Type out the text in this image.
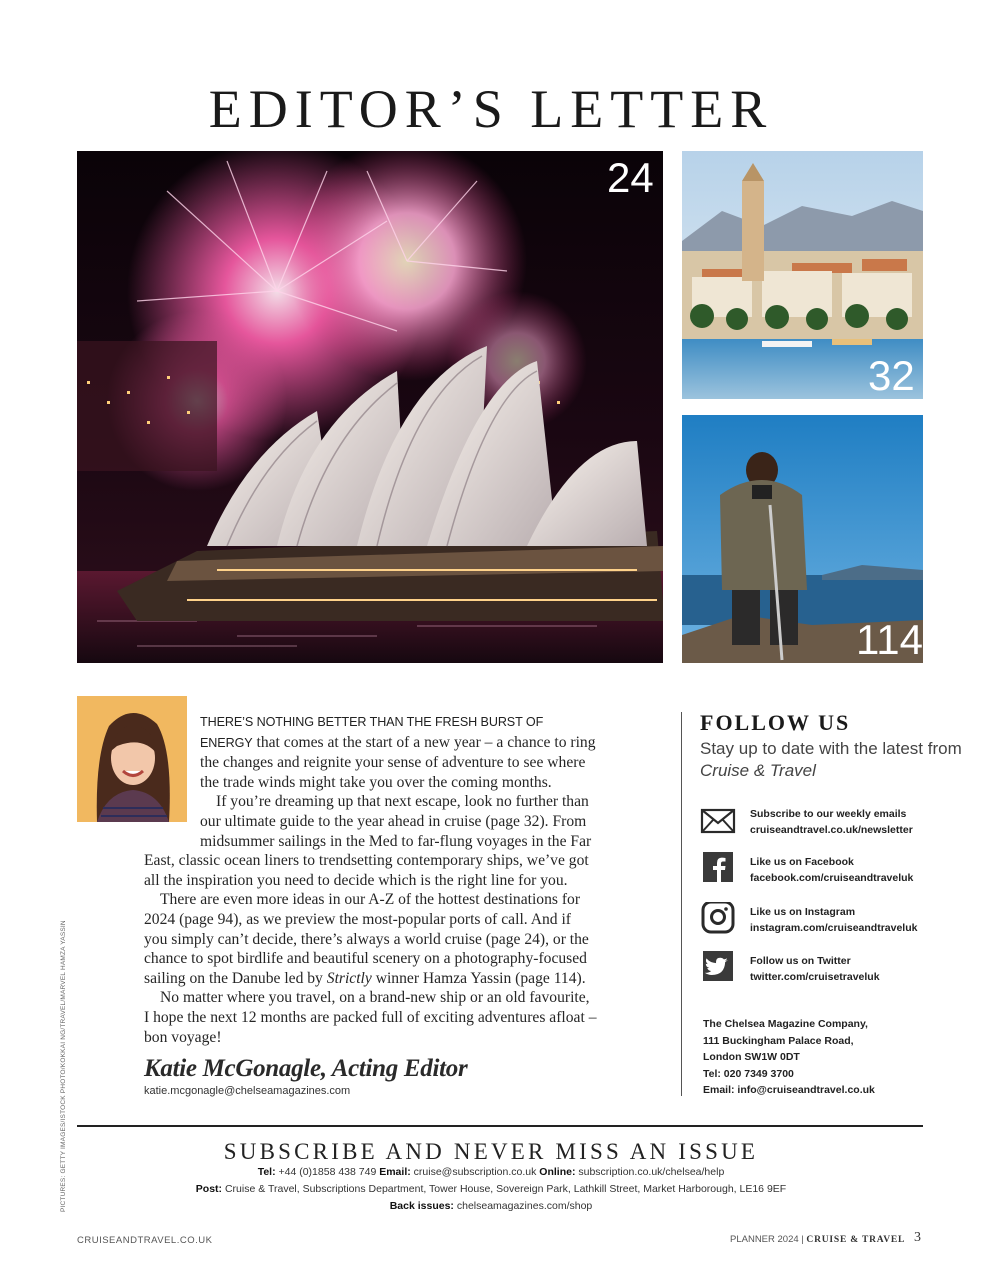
EDITOR’S LETTER
24
32
114

THERE’S NOTHING BETTER THAN THE FRESH BURST OF ENERGY that comes at the start of a new year – a chance to ring the changes and reignite your sense of adventure to see where the trade winds might take you over the coming months.

If you’re dreaming up that next escape, look no further than our ultimate guide to the year ahead in cruise (page 32). From midsummer sailings in the Med to far-flung voyages in the Far East, classic ocean liners to trendsetting contemporary ships, we’ve got all the inspiration you need to decide which is the right line for you.

There are even more ideas in our A-Z of the hottest destinations for 2024 (page 94), as we preview the most-popular ports of call. And if you simply can’t decide, there’s always a world cruise (page 24), or the chance to spot birdlife and beautiful scenery on a photography-focused sailing on the Danube led by Strictly winner Hamza Yassin (page 114).

No matter where you travel, on a brand-new ship or an old favourite, I hope the next 12 months are packed full of exciting adventures afloat – bon voyage!

Katie McGonagle, Acting Editor
katie.mcgonagle@chelseamagazines.com
FOLLOW US
Stay up to date with the latest from Cruise & Travel
Subscribe to our weekly emails
cruiseandtravel.co.uk/newsletter
Like us on Facebook
facebook.com/cruiseandtraveluk
Like us on Instagram
instagram.com/cruiseandtraveluk
Follow us on Twitter
twitter.com/cruisetraveluk
The Chelsea Magazine Company,
111 Buckingham Palace Road,
London SW1W 0DT
Tel: 020 7349 3700
Email: info@cruiseandtravel.co.uk
SUBSCRIBE AND NEVER MISS AN ISSUE
Tel: +44 (0)1858 438 749 Email: cruise@subscription.co.uk Online: subscription.co.uk/chelsea/help
Post: Cruise & Travel, Subscriptions Department, Tower House, Sovereign Park, Lathkill Street, Market Harborough, LE16 9EF
Back issues: chelseamagazines.com/shop
PICTURES: GETTY IMAGES/ISTOCK PHOTO/KOKKAI NG/TRAVEL/MARVEL HAMZA YASSIN
CRUISEANDTRAVEL.CO.UK	PLANNER 2024 | CRUISE & TRAVEL 3
